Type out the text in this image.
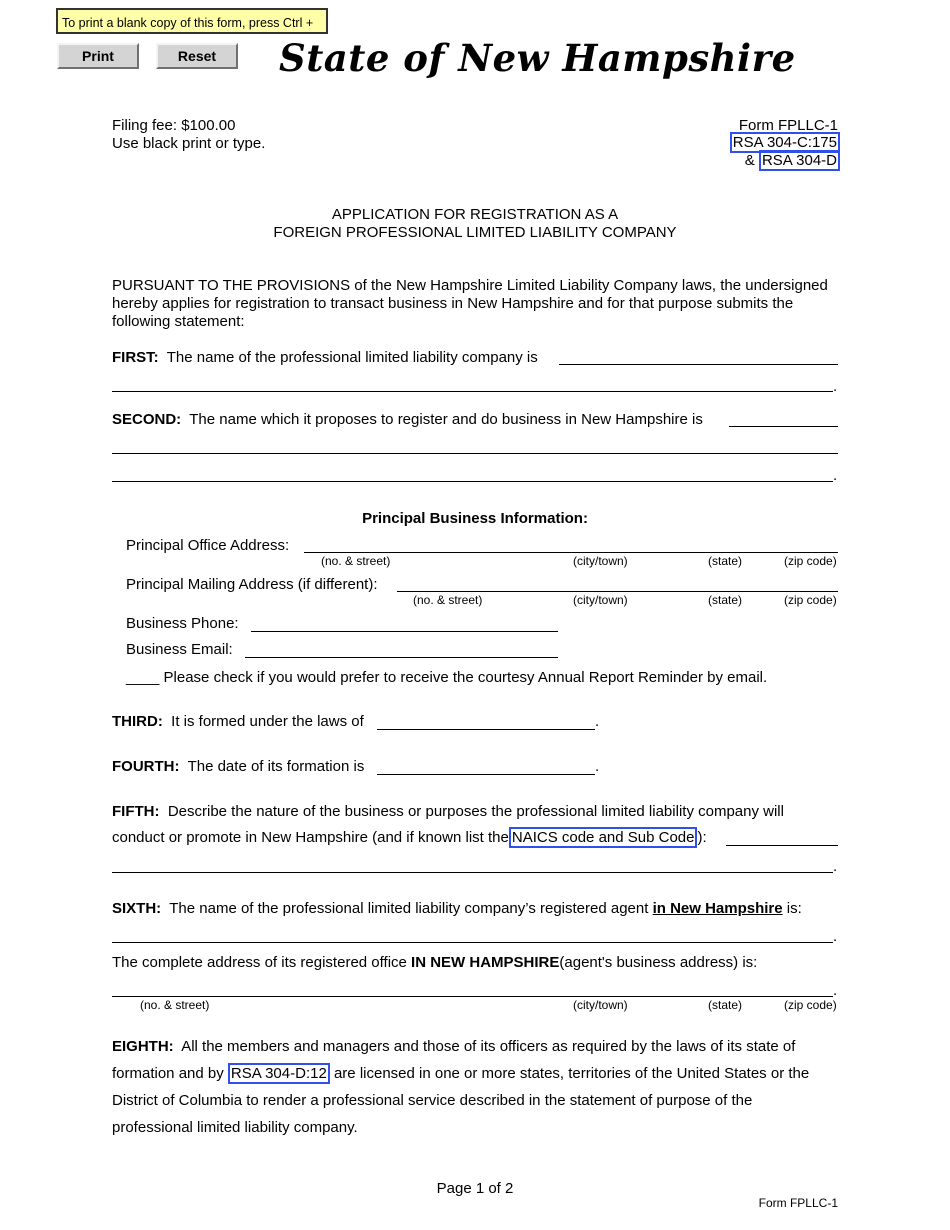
To print a blank copy of this form, press Ctrl +
Print	Reset	State of New Hampshire
Filing fee: $100.00
Use black print or type.
Form FPLLC-1
RSA 304-C:175
& RSA 304-D
APPLICATION FOR REGISTRATION AS A
FOREIGN PROFESSIONAL LIMITED LIABILITY COMPANY
PURSUANT TO THE PROVISIONS of the New Hampshire Limited Liability Company laws, the undersigned hereby applies for registration to transact business in New Hampshire and for that purpose submits the following statement:
FIRST: The name of the professional limited liability company is
.
SECOND: The name which it proposes to register and do business in New Hampshire is
.
Principal Business Information:
Principal Office Address:
(no. & street)	(city/town)	(state)	(zip code)
Principal Mailing Address (if different):
(no. & street)	(city/town)	(state)	(zip code)
Business Phone:
Business Email:
____ Please check if you would prefer to receive the courtesy Annual Report Reminder by email.
THIRD: It is formed under the laws of	.
FOURTH: The date of its formation is	.
FIFTH: Describe the nature of the business or purposes the professional limited liability company will
conduct or promote in New Hampshire (and if known list the NAICS code and Sub Code ):
.
SIXTH: The name of the professional limited liability company’s registered agent in New Hampshire is:
.
The complete address of its registered office IN NEW HAMPSHIRE(agent's business address) is:
.
(no. & street)	(city/town)	(state)	(zip code)
EIGHTH: All the members and managers and those of its officers as required by the laws of its state of
formation and by RSA 304-D:12 are licensed in one or more states, territories of the United States or the
District of Columbia to render a professional service described in the statement of purpose of the
professional limited liability company.
Page 1 of 2
Form FPLLC-1
